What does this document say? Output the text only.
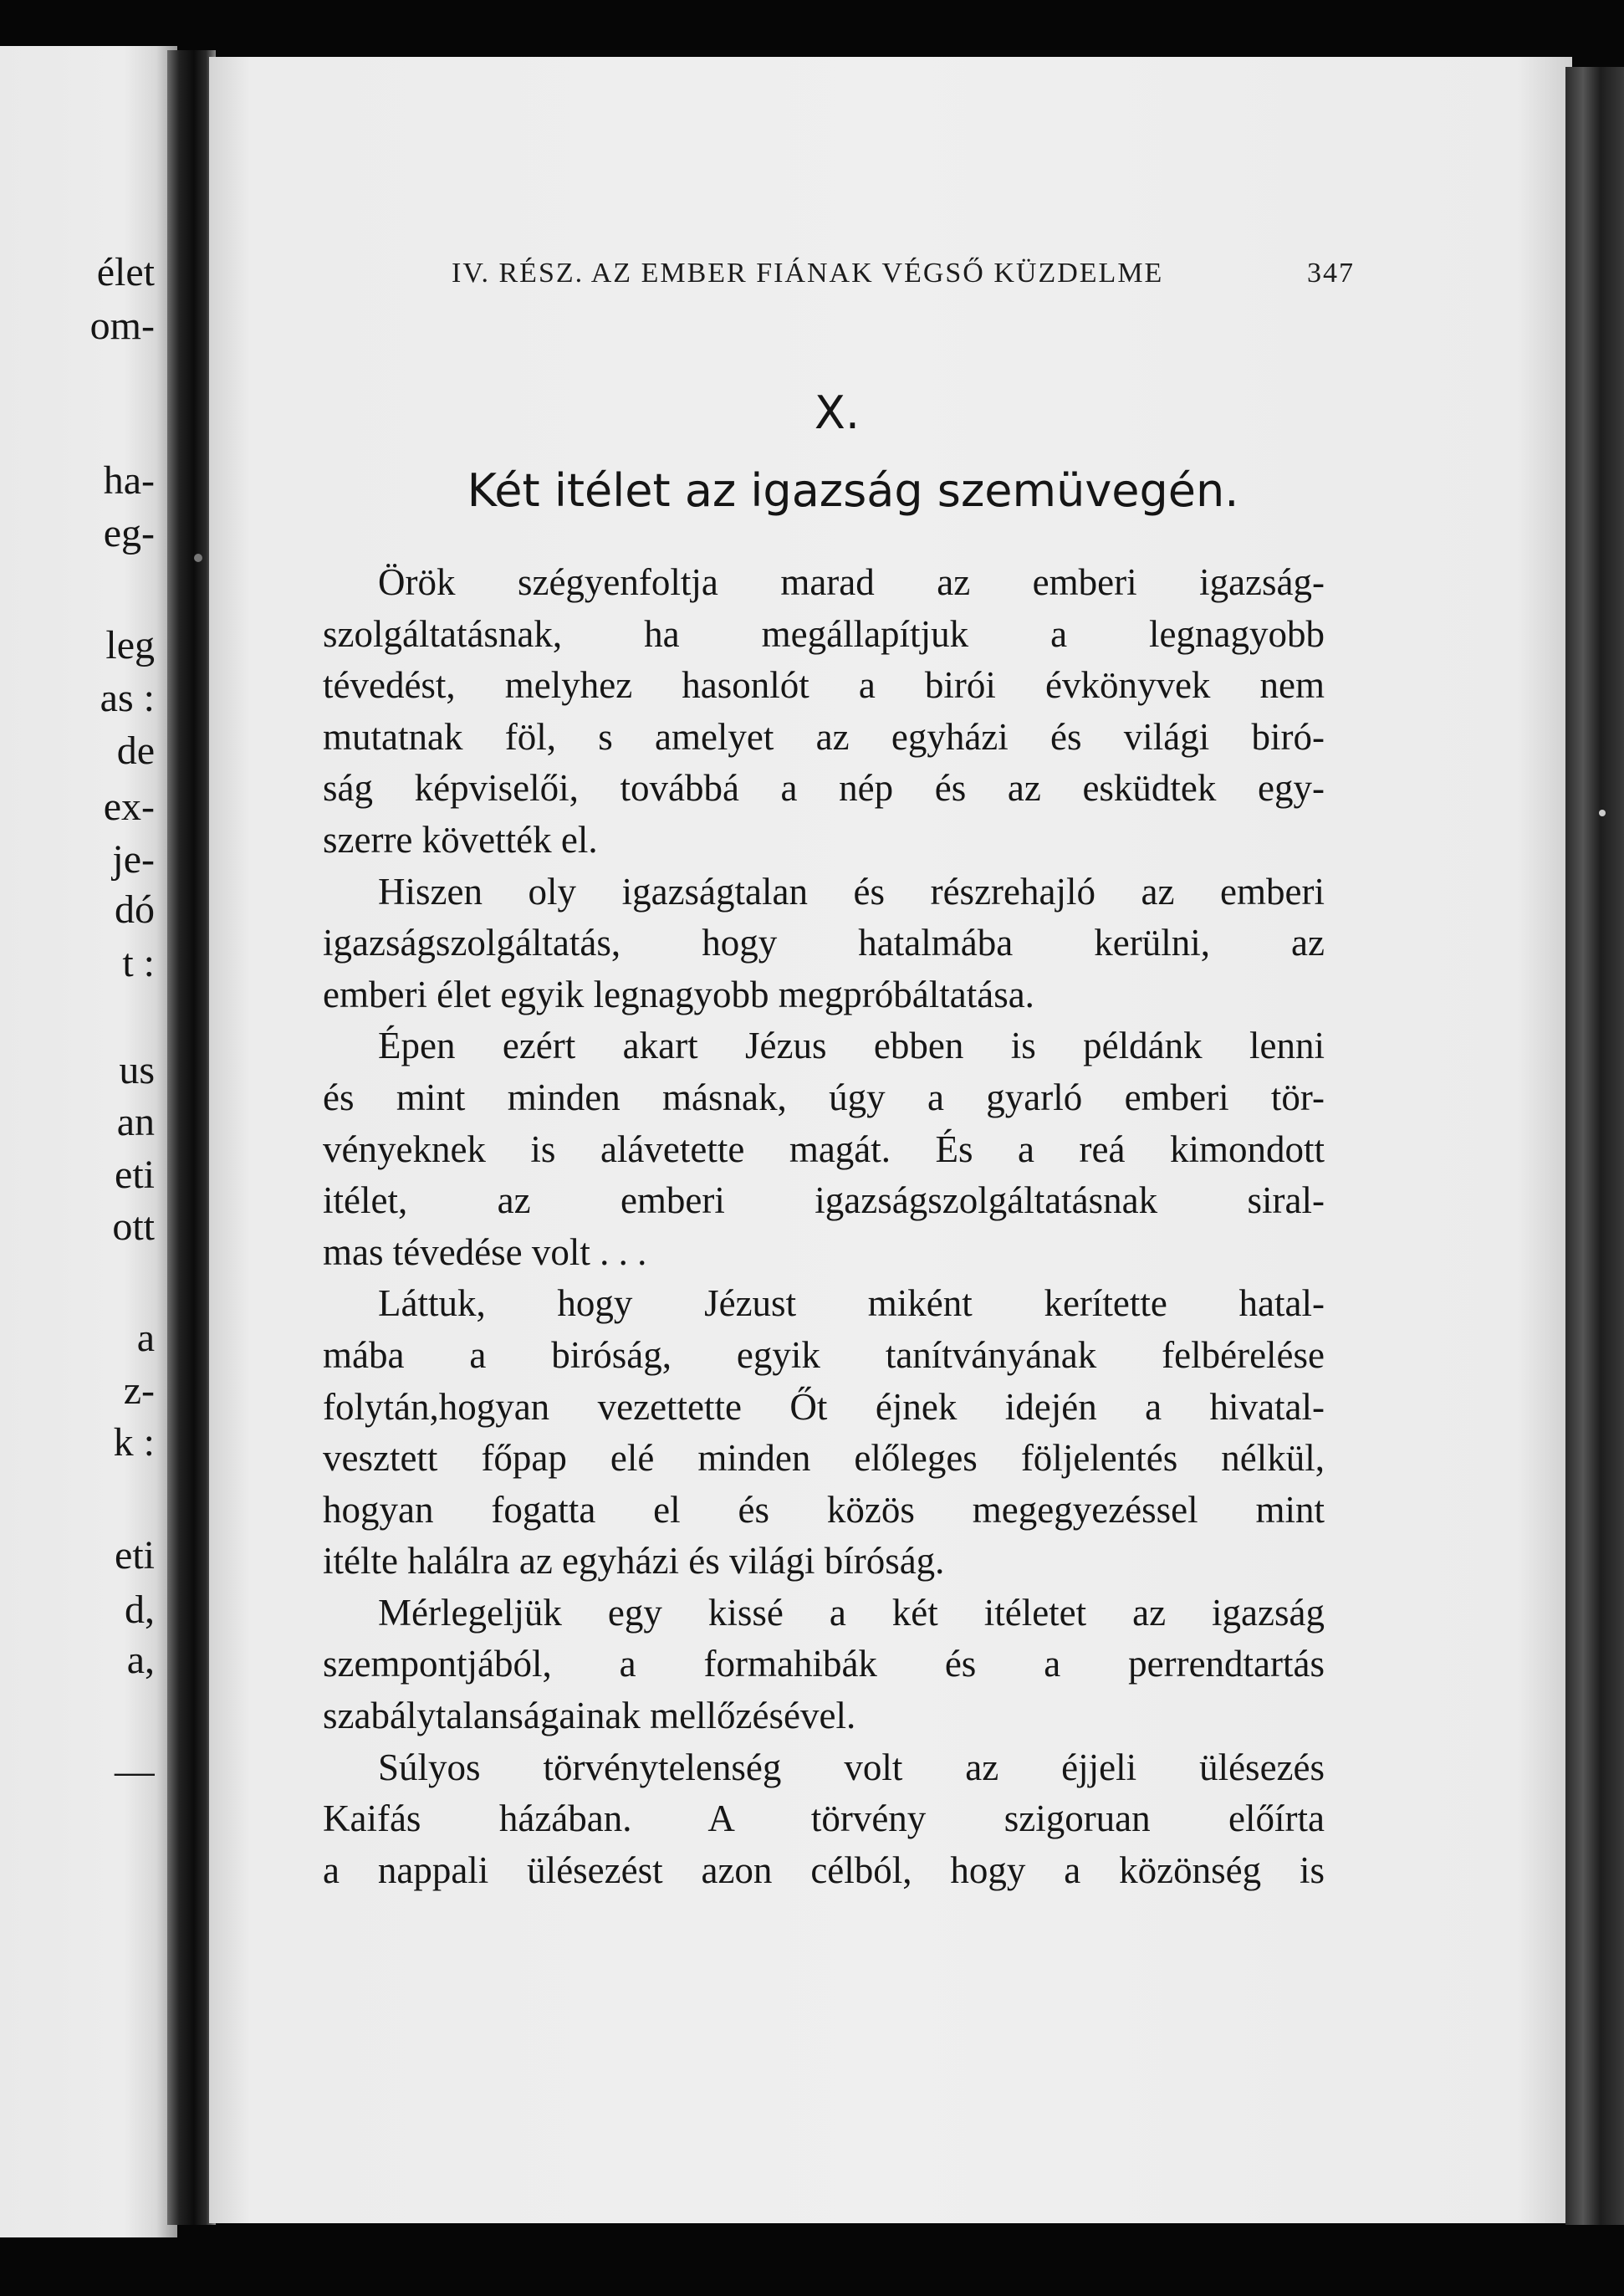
élet
om-
ha-
eg-
leg
as :
de
ex-
je-
dó
t :
us
an
eti
ott
a
z-
k :
eti
d,
a,
—
IV. RÉSZ. AZ EMBER FIÁNAK VÉGSŐ KÜZDELME	347
X.
Két itélet az igazság szemüvegén.
Örök szégyenfoltja marad az emberi igazság-
szolgáltatásnak, ha megállapítjuk a legnagyobb
tévedést, melyhez hasonlót a birói évkönyvek nem
mutatnak föl, s amelyet az egyházi és világi biró-
ság képviselői, továbbá a nép és az esküdtek egy-
szerre követték el.
Hiszen oly igazságtalan és részrehajló az emberi
igazságszolgáltatás, hogy hatalmába kerülni, az
emberi élet egyik legnagyobb megpróbáltatása.
Épen ezért akart Jézus ebben is példánk lenni
és mint minden másnak, úgy a gyarló emberi tör-
vényeknek is alávetette magát. És a reá kimondott
itélet, az emberi igazságszolgáltatásnak siral-
mas tévedése volt . . .
Láttuk, hogy Jézust miként kerítette hatal-
mába a biróság, egyik tanítványának felbérelése
folytán,hogyan vezettette Őt éjnek idején a hivatal-
vesztett főpap elé minden előleges följelentés nélkül,
hogyan fogatta el és közös megegyezéssel mint
itélte halálra az egyházi és világi bíróság.
Mérlegeljük egy kissé a két itéletet az igazság
szempontjából, a formahibák és a perrendtartás
szabálytalanságainak mellőzésével.
Súlyos törvénytelenség volt az éjjeli ülésezés
Kaifás házában. A törvény szigoruan előírta
a nappali ülésezést azon célból, hogy a közönség is
